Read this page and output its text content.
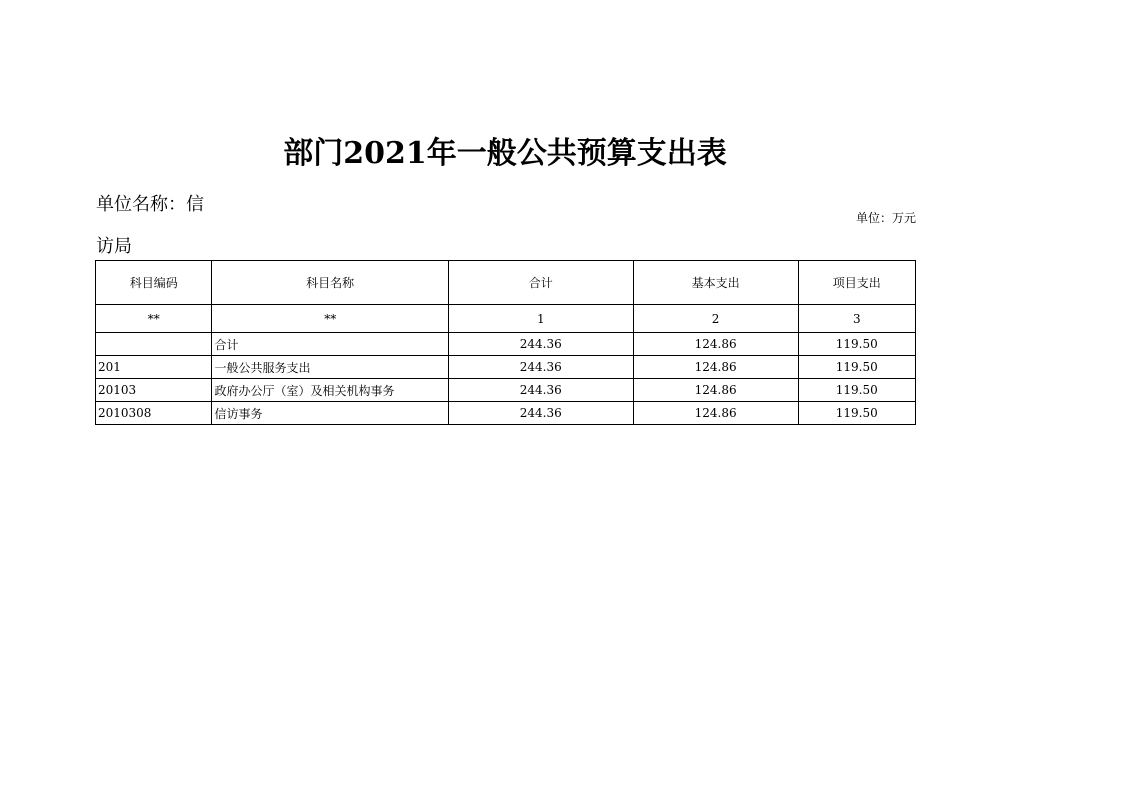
部门2021年一般公共预算支出表
单位名称：信
访局
单位：万元
科目编码	科目名称	合计	基本支出	项目支出
**	**	1	2	3
	合计	244.36	124.86	119.50
201	一般公共服务支出	244.36	124.86	119.50
20103	政府办公厅（室）及相关机构事务	244.36	124.86	119.50
2010308	信访事务	244.36	124.86	119.50
